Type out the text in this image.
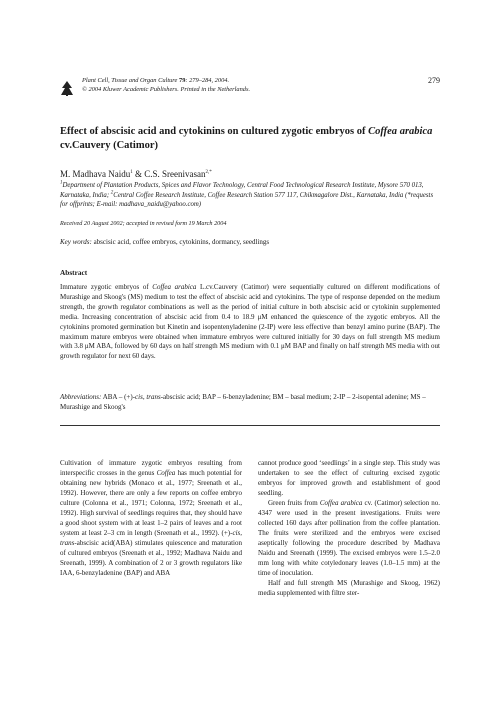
Plant Cell, Tissue and Organ Culture 79: 279–284, 2004.
© 2004 Kluwer Academic Publishers. Printed in the Netherlands.
279
Effect of abscisic acid and cytokinins on cultured zygotic embryos of Coffea arabica cv.Cauvery (Catimor)
M. Madhava Naidu$^1$ & C.S. Sreenivasan$^{2,*}$
$^1$Department of Plantation Products, Spices and Flavor Technology, Central Food Technological Research Institute, Mysore 570 013, Karnataka, India; $^2$Central Coffee Research Institute, Coffee Research Station 577 117, Chikmagalore Dist., Karnataka, India (*requests for offprints; E-mail: madhava_naidu@yahoo.com)
Received 20 August 2002; accepted in revised form 19 March 2004
Key words: abscisic acid, coffee embryos, cytokinins, dormancy, seedlings
Abstract
Immature zygotic embryos of Coffea arabica L.cv.Cauvery (Catimor) were sequentially cultured on different modifications of Murashige and Skoog's (MS) medium to test the effect of abscisic acid and cytokinins. The type of response depended on the medium strength, the growth regulator combinations as well as the period of initial culture in both abscisic acid or cytokinin supplemented media. Increasing concentration of abscisic acid from 0.4 to 18.9 μM enhanced the quiescence of the zygotic embryos. All the cytokinins promoted germination but Kinetin and isopentenyladenine (2-IP) were less effective than benzyl amino purine (BAP). The maximum mature embryos were obtained when immature embryos were cultured initially for 30 days on full strength MS medium with 3.8 μM ABA, followed by 60 days on half strength MS medium with 0.1 μM BAP and finally on half strength MS media with out growth regulator for next 60 days.
Abbreviations: ABA – (+)-cis, trans-abscisic acid; BAP – 6-benzyladenine; BM – basal medium; 2-IP – 2-isopental adenine; MS – Murashige and Skoog's

Cultivation of immature zygotic embryos resulting from interspecific crosses in the genus Coffea has much potential for obtaining new hybrids (Monaco et al., 1977; Sreenath et al., 1992). However, there are only a few reports on coffee embryo culture (Colonna et al., 1971; Colonna, 1972; Sreenath et al., 1992). High survival of seedlings requires that, they should have a good shoot system with at least 1–2 pairs of leaves and a root system at least 2–3 cm in length (Sreenath et al., 1992). (+)-cis, trans-abscisic acid(ABA) stimulates quiescence and maturation of cultured embryos (Sreenath et al., 1992; Madhava Naidu and Sreenath, 1999). A combination of 2 or 3 growth regulators like IAA, 6-benzyladenine (BAP) and ABA

cannot produce good ‘seedlings’ in a single step. This study was undertaken to see the effect of culturing excised zygotic embryos for improved growth and establishment of good seedling.

Green fruits from Coffea arabica cv. (Catimor) selection no. 4347 were used in the present investigations. Fruits were collected 160 days after pollination from the coffee plantation. The fruits were sterilized and the embryos were excised aseptically following the procedure described by Madhava Naidu and Sreenath (1999). The excised embryos were 1.5–2.0 mm long with white cotyledonary leaves (1.0–1.5 mm) at the time of inoculation.

Half and full strength MS (Murashige and Skoog, 1962) media supplemented with filtre ster-
